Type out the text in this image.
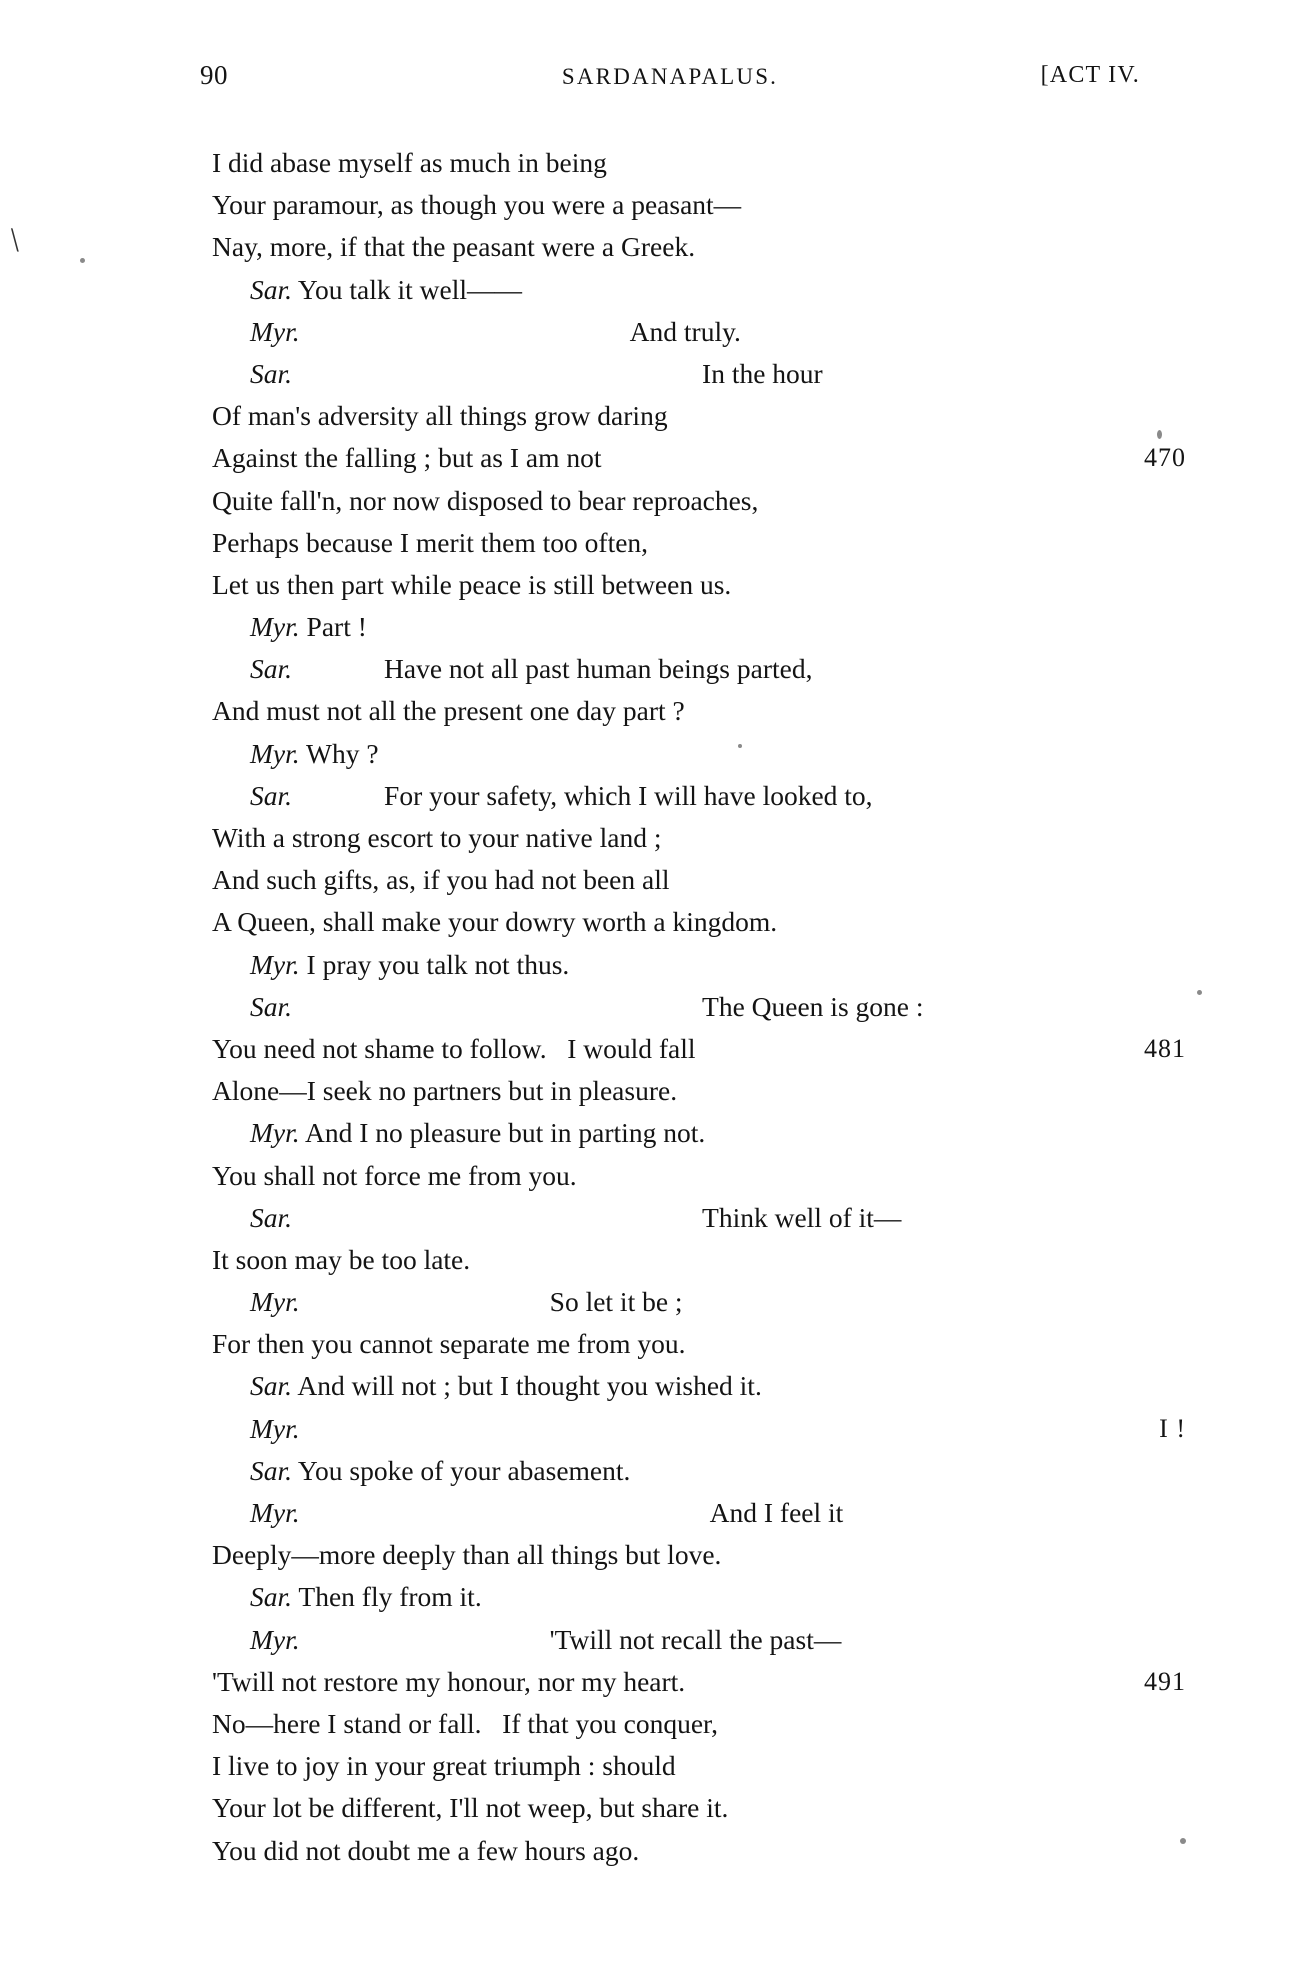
90	SARDANAPALUS.	[ACT IV.
I did abase myself as much in being
Your paramour, as though you were a peasant—
Nay, more, if that the peasant were a Greek.
Sar. You talk it well——
Myr.	And truly.
Sar.	In the hour
Of man's adversity all things grow daring
Against the falling ; but as I am not	470
Quite fall'n, nor now disposed to bear reproaches,
Perhaps because I merit them too often,
Let us then part while peace is still between us.
Myr. Part !
Sar.	Have not all past human beings parted,
And must not all the present one day part ?
Myr. Why ?
Sar.	For your safety, which I will have looked to,
With a strong escort to your native land ;
And such gifts, as, if you had not been all
A Queen, shall make your dowry worth a kingdom.
Myr. I pray you talk not thus.
Sar.	The Queen is gone :
You need not shame to follow.   I would fall	481
Alone—I seek no partners but in pleasure.
Myr. And I no pleasure but in parting not.
You shall not force me from you.
Sar.	Think well of it—
It soon may be too late.
Myr.	So let it be ;
For then you cannot separate me from you.
Sar. And will not ; but I thought you wished it.
Myr.	I !
Sar. You spoke of your abasement.
Myr.	And I feel it
Deeply—more deeply than all things but love.
Sar. Then fly from it.
Myr.	'Twill not recall the past—
'Twill not restore my honour, nor my heart.	491
No—here I stand or fall.   If that you conquer,
I live to joy in your great triumph : should
Your lot be different, I'll not weep, but share it.
You did not doubt me a few hours ago.
\
